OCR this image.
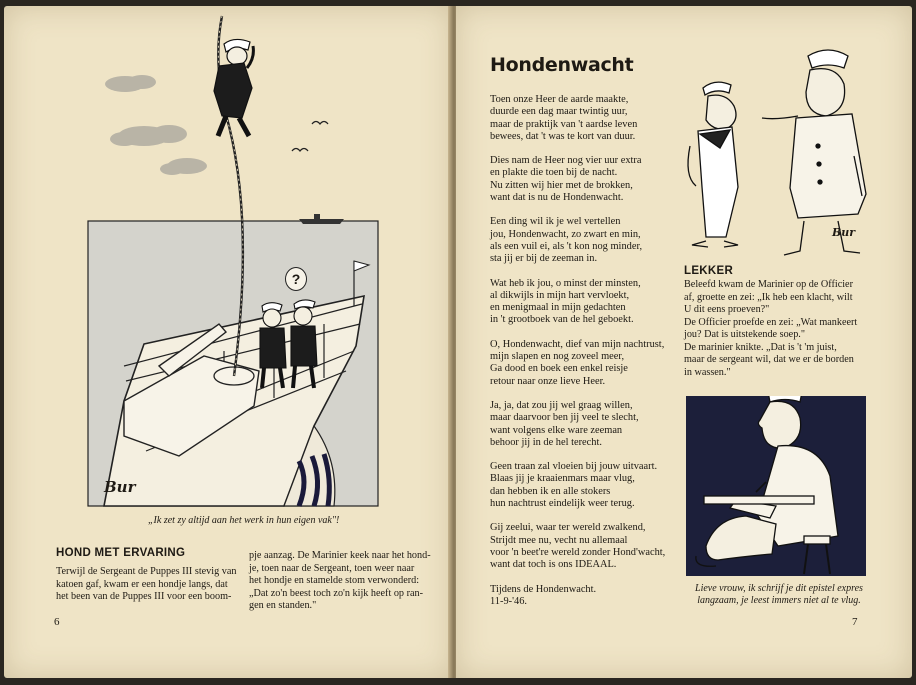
?
Bur
„Ik zet zy altijd aan het werk in hun eigen vak"!
HOND MET ERVARING
Terwijl de Sergeant de Puppes III stevig van
katoen gaf, kwam er een hondje langs, dat
het been van de Puppes III voor een boom-
pje aanzag. De Marinier keek naar het hond-
je, toen naar de Sergeant, toen weer naar
het hondje en stamelde stom verwonderd:
„Dat zo'n beest toch zo'n kijk heeft op ran-
gen en standen."
6
Hondenwacht
Toen onze Heer de aarde maakte,
duurde een dag maar twintig uur,
maar de praktijk van 't aardse leven
bewees, dat 't was te kort van duur.
Dies nam de Heer nog vier uur extra
en plakte die toen bij de nacht.
Nu zitten wij hier met de brokken,
want dat is nu de Hondenwacht.
Een ding wil ik je wel vertellen
jou, Hondenwacht, zo zwart en min,
als een vuil ei, als 't kon nog minder,
sta jij er bij de zeeman in.
Wat heb ik jou, o minst der minsten,
al dikwijls in mijn hart vervloekt,
en menigmaal in mijn gedachten
in 't grootboek van de hel geboekt.
O, Hondenwacht, dief van mijn nachtrust,
mijn slapen en nog zoveel meer,
Ga dood en boek een enkel reisje
retour naar onze lieve Heer.
Ja, ja, dat zou jij wel graag willen,
maar daarvoor ben jij veel te slecht,
want volgens elke ware zeeman
behoor jij in de hel terecht.
Geen traan zal vloeien bij jouw uitvaart.
Blaas jij je kraaienmars maar vlug,
dan hebben ik en alle stokers
hun nachtrust eindelijk weer terug.
Gij zeelui, waar ter wereld zwalkend,
Strijdt mee nu, vecht nu allemaal
voor 'n beet're wereld zonder Hond'wacht,
want dat toch is ons IDEAAL.
Tijdens de Hondenwacht.
11-9-'46.
Bur
LEKKER
Beleefd kwam de Marinier op de Officier
af, groette en zei: „Ik heb een klacht, wilt
U dit eens proeven?"
De Officier proefde en zei: „Wat mankeert
jou? Dat is uitstekende soep."
De marinier knikte. „Dat is 't 'm juist,
maar de sergeant wil, dat we er de borden
in wassen."
Lieve vrouw, ik schrijf je dit epistel expres
langzaam, je leest immers niet al te vlug.
7
